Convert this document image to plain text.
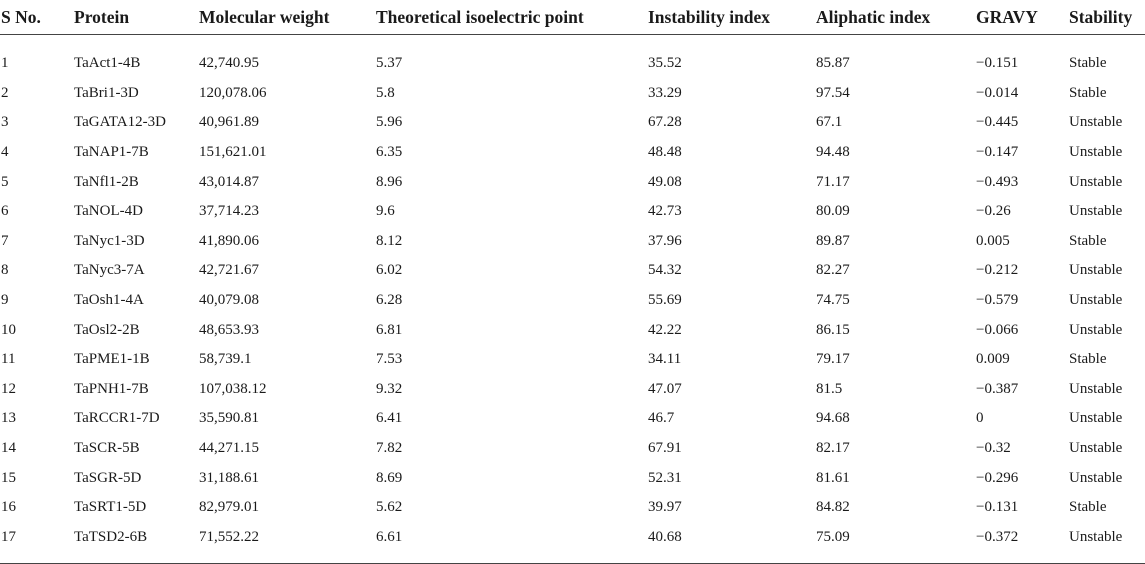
S No.	Protein	Molecular weight	Theoretical isoelectric point	Instability index	Aliphatic index	GRAVY	Stability

1	TaAct1-4B	42,740.95	5.37	35.52	85.87	−0.151	Stable
2	TaBri1-3D	120,078.06	5.8	33.29	97.54	−0.014	Stable
3	TaGATA12-3D	40,961.89	5.96	67.28	67.1	−0.445	Unstable
4	TaNAP1-7B	151,621.01	6.35	48.48	94.48	−0.147	Unstable
5	TaNfl1-2B	43,014.87	8.96	49.08	71.17	−0.493	Unstable
6	TaNOL-4D	37,714.23	9.6	42.73	80.09	−0.26	Unstable
7	TaNyc1-3D	41,890.06	8.12	37.96	89.87	0.005	Stable
8	TaNyc3-7A	42,721.67	6.02	54.32	82.27	−0.212	Unstable
9	TaOsh1-4A	40,079.08	6.28	55.69	74.75	−0.579	Unstable
10	TaOsl2-2B	48,653.93	6.81	42.22	86.15	−0.066	Unstable
11	TaPME1-1B	58,739.1	7.53	34.11	79.17	0.009	Stable
12	TaPNH1-7B	107,038.12	9.32	47.07	81.5	−0.387	Unstable
13	TaRCCR1-7D	35,590.81	6.41	46.7	94.68	0	Unstable
14	TaSCR-5B	44,271.15	7.82	67.91	82.17	−0.32	Unstable
15	TaSGR-5D	31,188.61	8.69	52.31	81.61	−0.296	Unstable
16	TaSRT1-5D	82,979.01	5.62	39.97	84.82	−0.131	Stable
17	TaTSD2-6B	71,552.22	6.61	40.68	75.09	−0.372	Unstable
